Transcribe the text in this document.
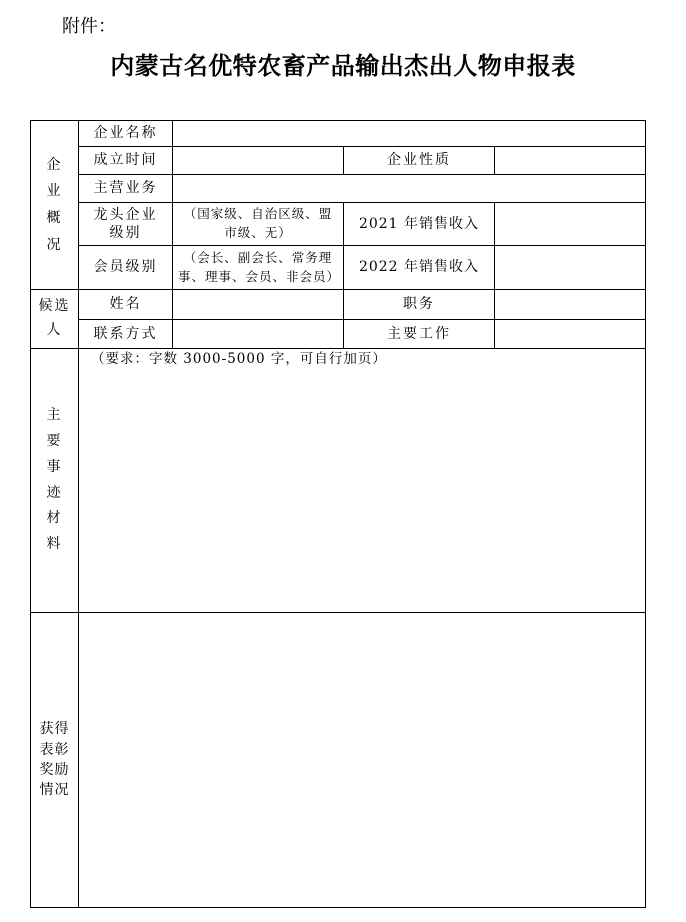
附件：
内蒙古名优特农畜产品输出杰出人物申报表
企业概况	企业名称			
	成立时间		企业性质	
	主营业务			

	龙头企业级别	（国家级、自治区级、盟市级、无）	2021 年销售收入	
	会员级别	（会长、副会长、常务理事、理事、会员、非会员）	2022 年销售收入	

候选人	姓名		职务	
	联系方式		主要工作	

主要事迹材料	（要求：字数 3000-5000 字，可自行加页）			

获得表彰奖励情况				
